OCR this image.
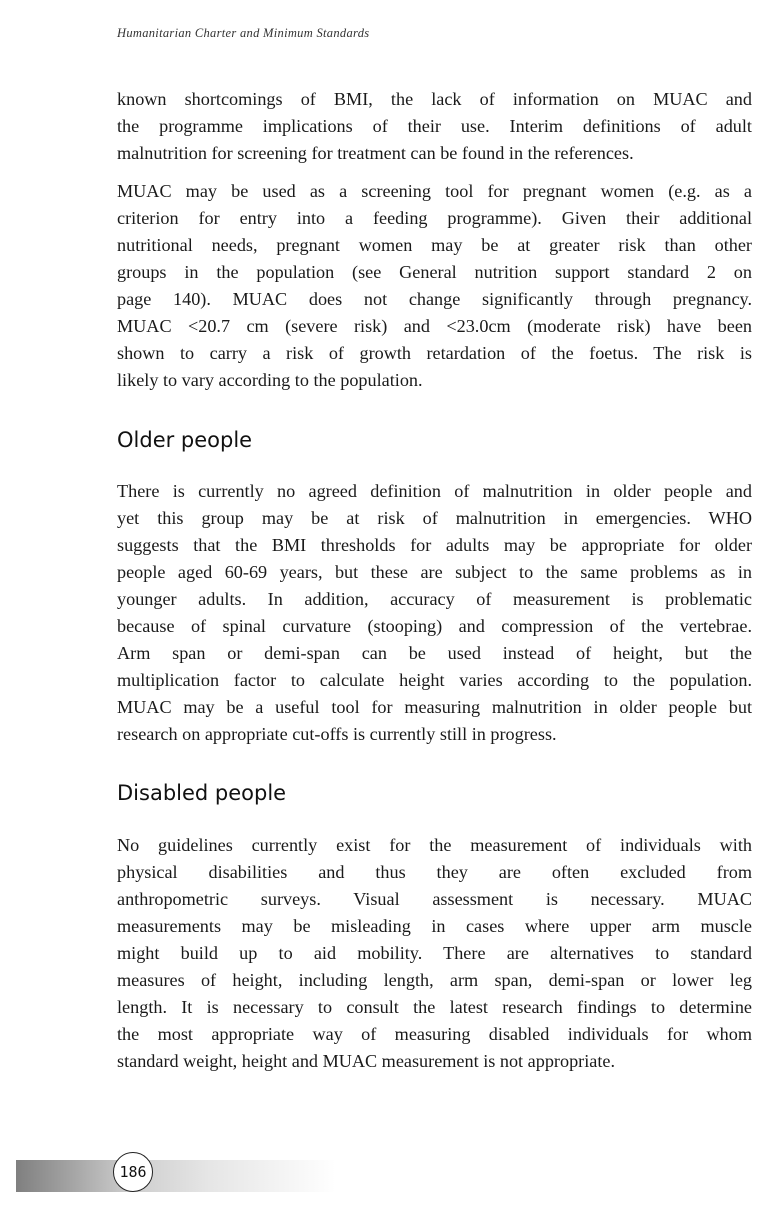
Humanitarian Charter and Minimum Standards
known shortcomings of BMI, the lack of information on MUAC and
the programme implications of their use. Interim definitions of adult
malnutrition for screening for treatment can be found in the references.
MUAC may be used as a screening tool for pregnant women (e.g. as a
criterion for entry into a feeding programme). Given their additional
nutritional needs, pregnant women may be at greater risk than other
groups in the population (see General nutrition support standard 2 on
page 140). MUAC does not change significantly through pregnancy.
MUAC <20.7 cm (severe risk) and <23.0cm (moderate risk) have been
shown to carry a risk of growth retardation of the foetus. The risk is
likely to vary according to the population.
Older people
There is currently no agreed definition of malnutrition in older people and
yet this group may be at risk of malnutrition in emergencies. WHO
suggests that the BMI thresholds for adults may be appropriate for older
people aged 60-69 years, but these are subject to the same problems as in
younger adults. In addition, accuracy of measurement is problematic
because of spinal curvature (stooping) and compression of the vertebrae.
Arm span or demi-span can be used instead of height, but the
multiplication factor to calculate height varies according to the population.
MUAC may be a useful tool for measuring malnutrition in older people but
research on appropriate cut-offs is currently still in progress.
Disabled people
No guidelines currently exist for the measurement of individuals with
physical disabilities and thus they are often excluded from
anthropometric surveys. Visual assessment is necessary. MUAC
measurements may be misleading in cases where upper arm muscle
might build up to aid mobility. There are alternatives to standard
measures of height, including length, arm span, demi-span or lower leg
length. It is necessary to consult the latest research findings to determine
the most appropriate way of measuring disabled individuals for whom
standard weight, height and MUAC measurement is not appropriate.
186
